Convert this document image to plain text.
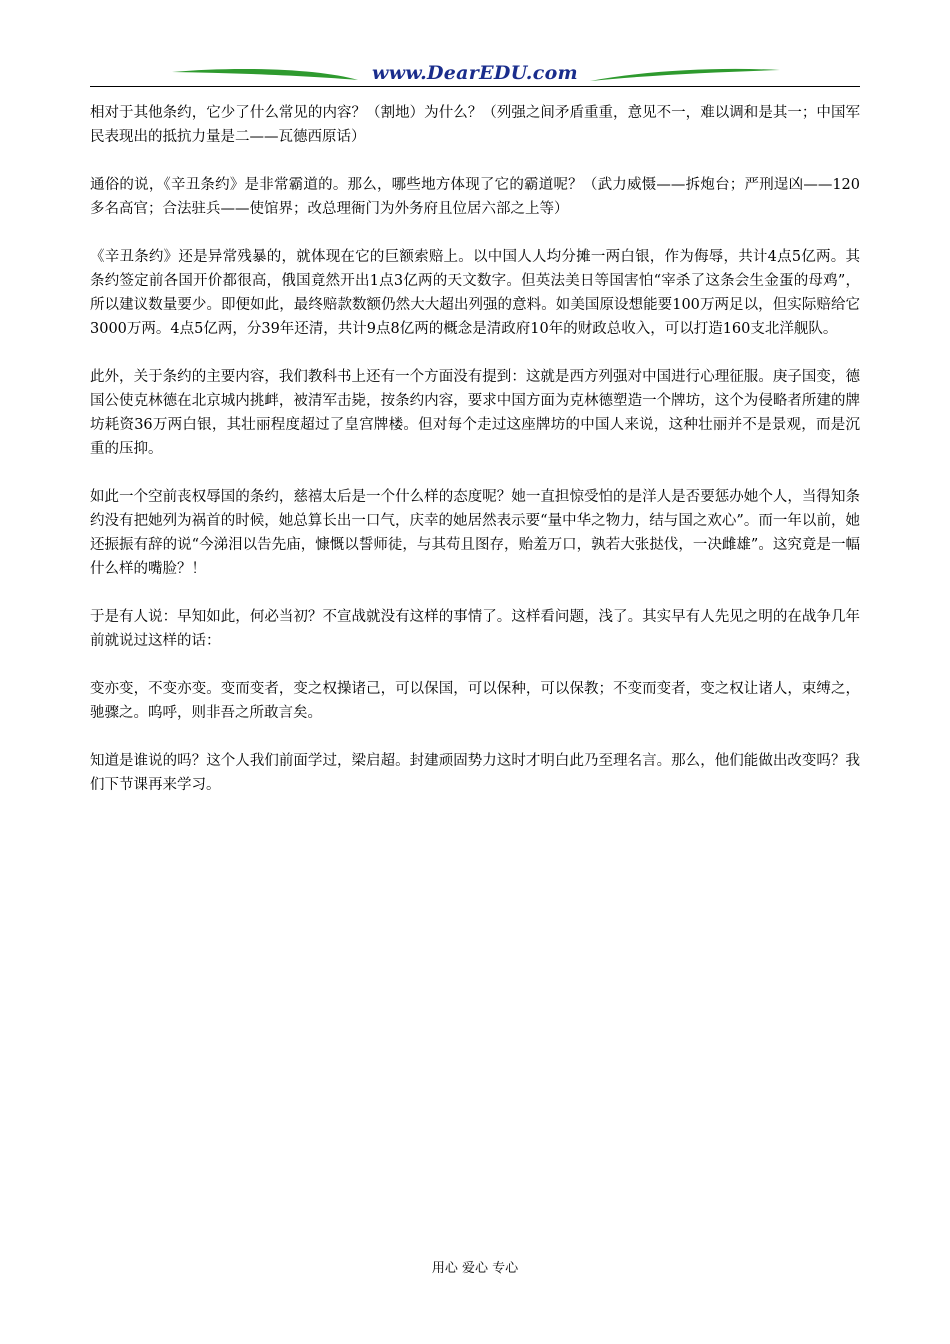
www.DearEDU.com

相对于其他条约，它少了什么常见的内容？（割地）为什么？（列强之间矛盾重重，意见不一，难以调和是其一；中国军民表现出的抵抗力量是二——瓦德西原话）

通俗的说，《辛丑条约》是非常霸道的。那么，哪些地方体现了它的霸道呢？（武力威慑——拆炮台；严刑逞凶——120多名高官；合法驻兵——使馆界；改总理衙门为外务府且位居六部之上等）

《辛丑条约》还是异常残暴的，就体现在它的巨额索赔上。以中国人人均分摊一两白银，作为侮辱，共计4点5亿两。其条约签定前各国开价都很高，俄国竟然开出1点3亿两的天文数字。但英法美日等国害怕“宰杀了这条会生金蛋的母鸡”，所以建议数量要少。即便如此，最终赔款数额仍然大大超出列强的意料。如美国原设想能要100万两足以，但实际赔给它3000万两。4点5亿两，分39年还清，共计9点8亿两的概念是清政府10年的财政总收入，可以打造160支北洋舰队。

此外，关于条约的主要内容，我们教科书上还有一个方面没有提到：这就是西方列强对中国进行心理征服。庚子国变，德国公使克林德在北京城内挑衅，被清军击毙，按条约内容，要求中国方面为克林德塑造一个牌坊，这个为侵略者所建的牌坊耗资36万两白银，其壮丽程度超过了皇宫牌楼。但对每个走过这座牌坊的中国人来说，这种壮丽并不是景观，而是沉重的压抑。

如此一个空前丧权辱国的条约，慈禧太后是一个什么样的态度呢？她一直担惊受怕的是洋人是否要惩办她个人，当得知条约没有把她列为祸首的时候，她总算长出一口气，庆幸的她居然表示要“量中华之物力，结与国之欢心”。而一年以前，她还振振有辞的说“今涕泪以告先庙，慷慨以誓师徒，与其苟且图存，贻羞万口，孰若大张挞伐，一决雌雄”。这究竟是一幅什么样的嘴脸？！

于是有人说：早知如此，何必当初？不宣战就没有这样的事情了。这样看问题，浅了。其实早有人先见之明的在战争几年前就说过这样的话：

变亦变，不变亦变。变而变者，变之权操诸己，可以保国，可以保种，可以保教；不变而变者，变之权让诸人，束缚之，驰骤之。呜呼，则非吾之所敢言矣。

知道是谁说的吗？这个人我们前面学过，梁启超。封建顽固势力这时才明白此乃至理名言。那么，他们能做出改变吗？我们下节课再来学习。

用心 爱心 专心
